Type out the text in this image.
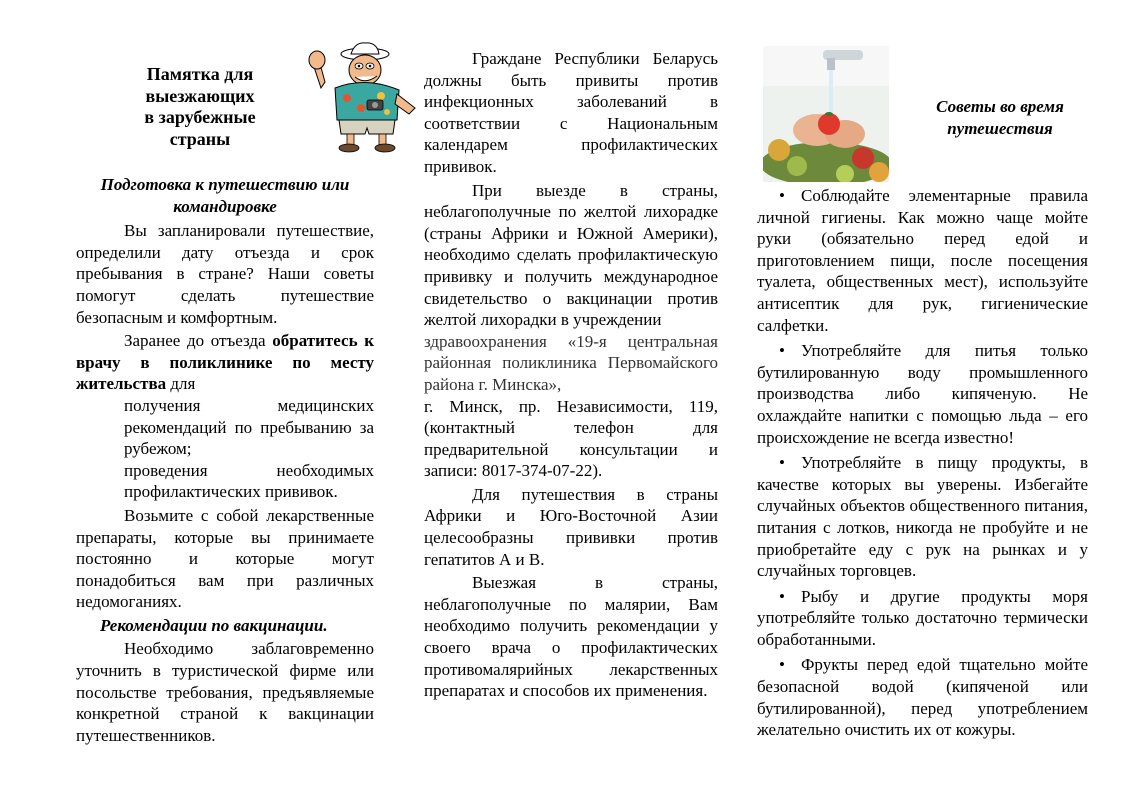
Памятка для
выезжающих
в зарубежные
страны

Подготовка к путешествию или командировке

Вы запланировали путешествие, определили дату отъезда и срок пребывания в стране? Наши советы помогут сделать путешествие безопасным и комфортным.

Заранее до отъезда обратитесь к врачу в поликлинике по месту жительства для

получения медицинских рекомендаций по пребыванию за рубежом;

проведения необходимых профилактических прививок.

Возьмите с собой лекарственные препараты, которые вы принимаете постоянно и которые могут понадобиться вам при различных недомоганиях.

Рекомендации по вакцинации.

Необходимо заблаговременно уточнить в туристической фирме или посольстве требования, предъявляемые конкретной страной к вакцинации путешественников.

Граждане Республики Беларусь должны быть привиты против инфекционных заболеваний в соответствии с Национальным календарем профилактических прививок.

При выезде в страны, неблагополучные по желтой лихорадке (страны Африки и Южной Америки), необходимо сделать профилактическую прививку и получить международное свидетельство о вакцинации против желтой лихорадки в учреждении

здравоохранения «19-я центральная районная поликлиника Первомайского района г. Минска»,

г. Минск, пр. Независимости, 119, (контактный телефон для предварительной консультации и записи: 8017-374-07-22).

Для путешествия в страны Африки и Юго-Восточной Азии целесообразны прививки против гепатитов А и В.

Выезжая в страны, неблагополучные по малярии, Вам необходимо получить рекомендации у своего врача о профилактических противомалярийных лекарственных препаратах и способов их применения.

Советы во время путешествия

• Соблюдайте элементарные правила личной гигиены. Как можно чаще мойте руки (обязательно перед едой и приготовлением пищи, после посещения туалета, общественных мест), используйте антисептик для рук, гигиенические салфетки.

• Употребляйте для питья только бутилированную воду промышленного производства либо кипяченую. Не охлаждайте напитки с помощью льда – его происхождение не всегда известно!

• Употребляйте в пищу продукты, в качестве которых вы уверены. Избегайте случайных объектов общественного питания, питания с лотков, никогда не пробуйте и не приобретайте еду с рук на рынках и у случайных торговцев.

• Рыбу и другие продукты моря употребляйте только достаточно термически обработанными.

• Фрукты перед едой тщательно мойте безопасной водой (кипяченой или бутилированной), перед употреблением желательно очистить их от кожуры.
